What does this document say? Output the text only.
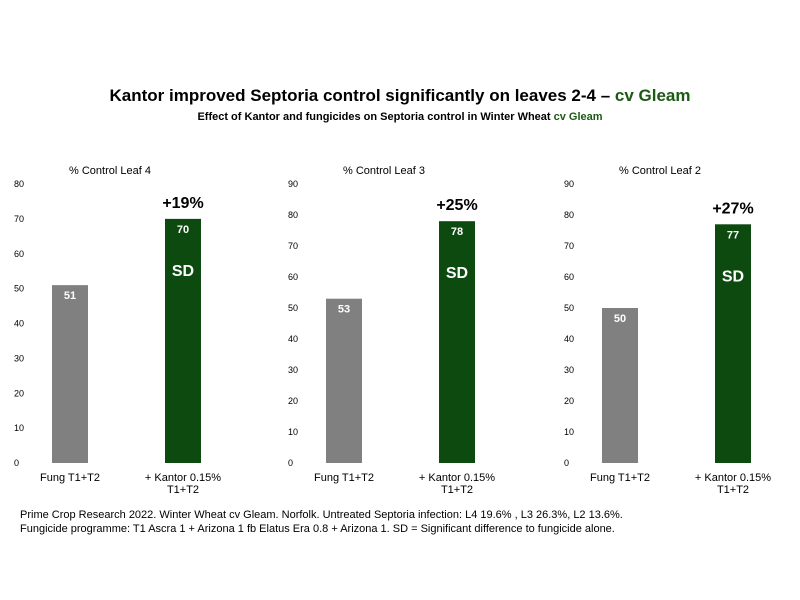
Kantor improved Septoria control significantly on leaves 2-4 – cv Gleam
Effect of Kantor and fungicides on Septoria control in Winter Wheat cv Gleam
% Control Leaf 4
0
10
20
30
40
50
60
70
80
51
Fung T1+T2
70
+ Kantor 0.15%
T1+T2
SD
+19%
% Control Leaf 3
0
10
20
30
40
50
60
70
80
90
53
Fung T1+T2
78
+ Kantor 0.15%
T1+T2
SD
+25%
% Control Leaf 2
0
10
20
30
40
50
60
70
80
90
50
Fung T1+T2
77
+ Kantor 0.15%
T1+T2
SD
+27%
Prime Crop Research 2022. Winter Wheat cv Gleam. Norfolk. Untreated Septoria infection: L4 19.6% , L3 26.3%, L2 13.6%.
Fungicide programme: T1 Ascra 1 + Arizona 1 fb Elatus Era 0.8 + Arizona 1. SD = Significant difference to fungicide alone.
